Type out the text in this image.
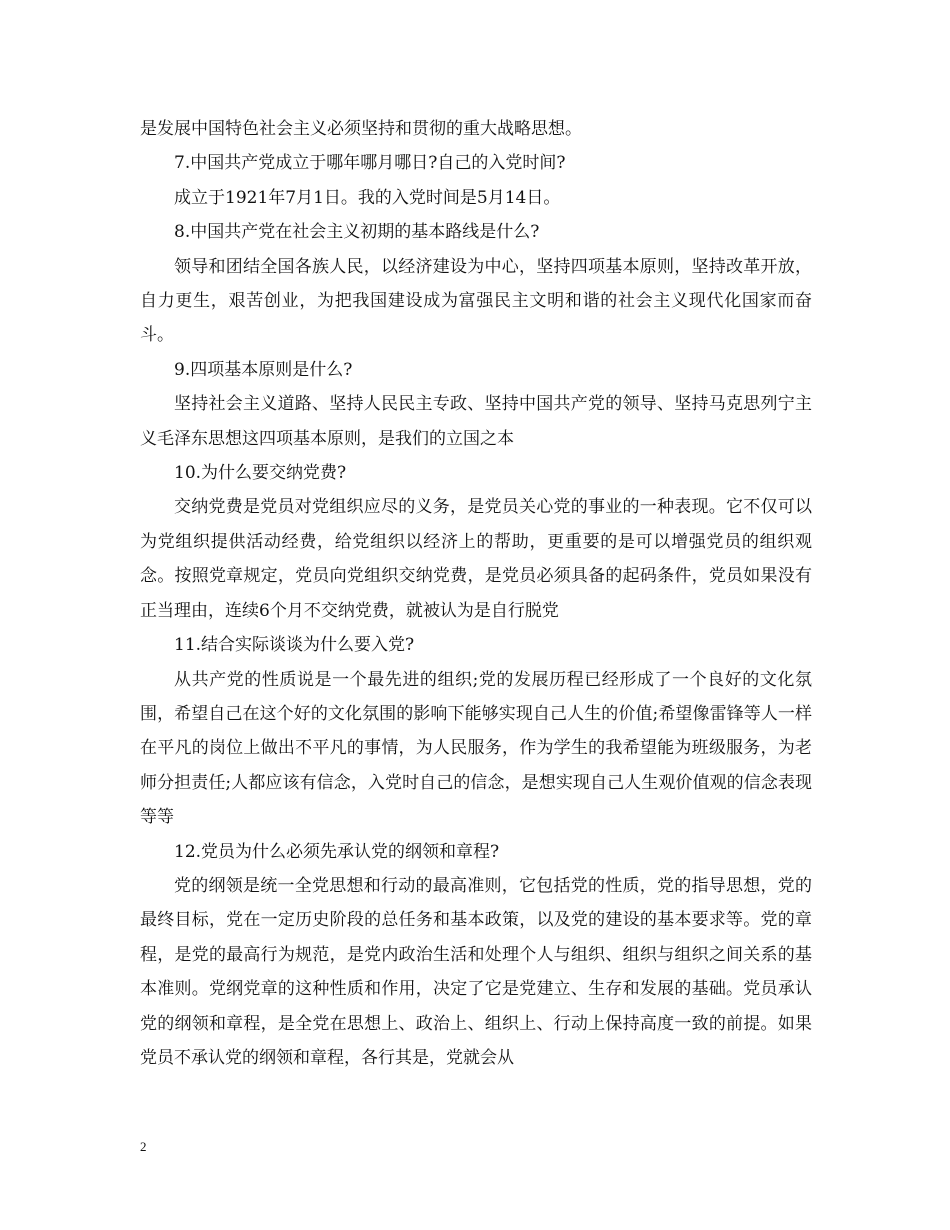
是发展中国特色社会主义必须坚持和贯彻的重大战略思想。

7.中国共产党成立于哪年哪月哪日?自己的入党时间?

成立于1921年7月1日。我的入党时间是5月14日。

8.中国共产党在社会主义初期的基本路线是什么?

领导和团结全国各族人民，以经济建设为中心，坚持四项基本原则，坚持改革开放，自力更生，艰苦创业，为把我国建设成为富强民主文明和谐的社会主义现代化国家而奋斗。

9.四项基本原则是什么?

坚持社会主义道路、坚持人民民主专政、坚持中国共产党的领导、坚持马克思列宁主义毛泽东思想这四项基本原则，是我们的立国之本

10.为什么要交纳党费?

交纳党费是党员对党组织应尽的义务，是党员关心党的事业的一种表现。它不仅可以为党组织提供活动经费，给党组织以经济上的帮助，更重要的是可以增强党员的组织观念。按照党章规定，党员向党组织交纳党费，是党员必须具备的起码条件，党员如果没有正当理由，连续6个月不交纳党费，就被认为是自行脱党

11.结合实际谈谈为什么要入党?

从共产党的性质说是一个最先进的组织;党的发展历程已经形成了一个良好的文化氛围，希望自己在这个好的文化氛围的影响下能够实现自己人生的价值;希望像雷锋等人一样在平凡的岗位上做出不平凡的事情，为人民服务，作为学生的我希望能为班级服务，为老师分担责任;人都应该有信念，入党时自己的信念，是想实现自己人生观价值观的信念表现等等

12.党员为什么必须先承认党的纲领和章程?

党的纲领是统一全党思想和行动的最高准则，它包括党的性质，党的指导思想，党的最终目标，党在一定历史阶段的总任务和基本政策，以及党的建设的基本要求等。党的章程，是党的最高行为规范，是党内政治生活和处理个人与组织、组织与组织之间关系的基本准则。党纲党章的这种性质和作用，决定了它是党建立、生存和发展的基础。党员承认党的纲领和章程，是全党在思想上、政治上、组织上、行动上保持高度一致的前提。如果党员不承认党的纲领和章程，各行其是，党就会从

2
